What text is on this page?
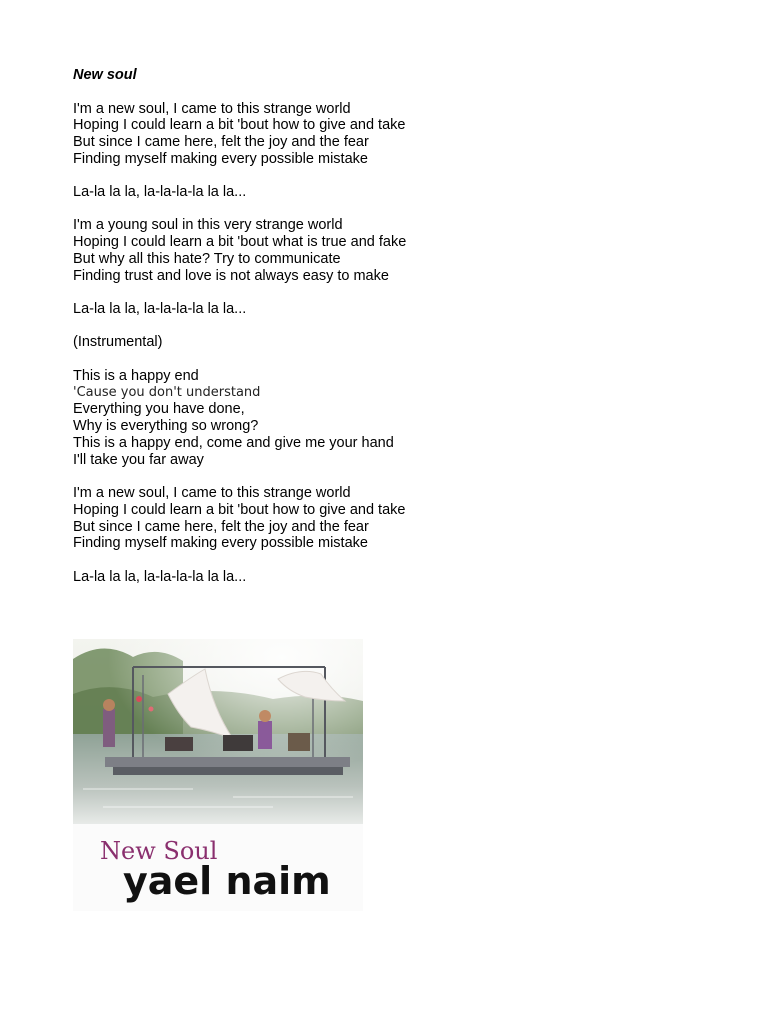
New soul
I'm a new soul, I came to this strange world
Hoping I could learn a bit 'bout how to give and take
But since I came here, felt the joy and the fear
Finding myself making every possible mistake
La-la la la, la-la-la-la la la...
I'm a young soul in this very strange world
Hoping I could learn a bit 'bout what is true and fake
But why all this hate? Try to communicate
Finding trust and love is not always easy to make
La-la la la, la-la-la-la la la...
(Instrumental)
This is a happy end
'Cause you don't understand
Everything you have done,
Why is everything so wrong?
This is a happy end, come and give me your hand
I'll take you far away
I'm a new soul, I came to this strange world
Hoping I could learn a bit 'bout how to give and take
But since I came here, felt the joy and the fear
Finding myself making every possible mistake
La-la la la, la-la-la-la la la...
New Soul
yael naim
